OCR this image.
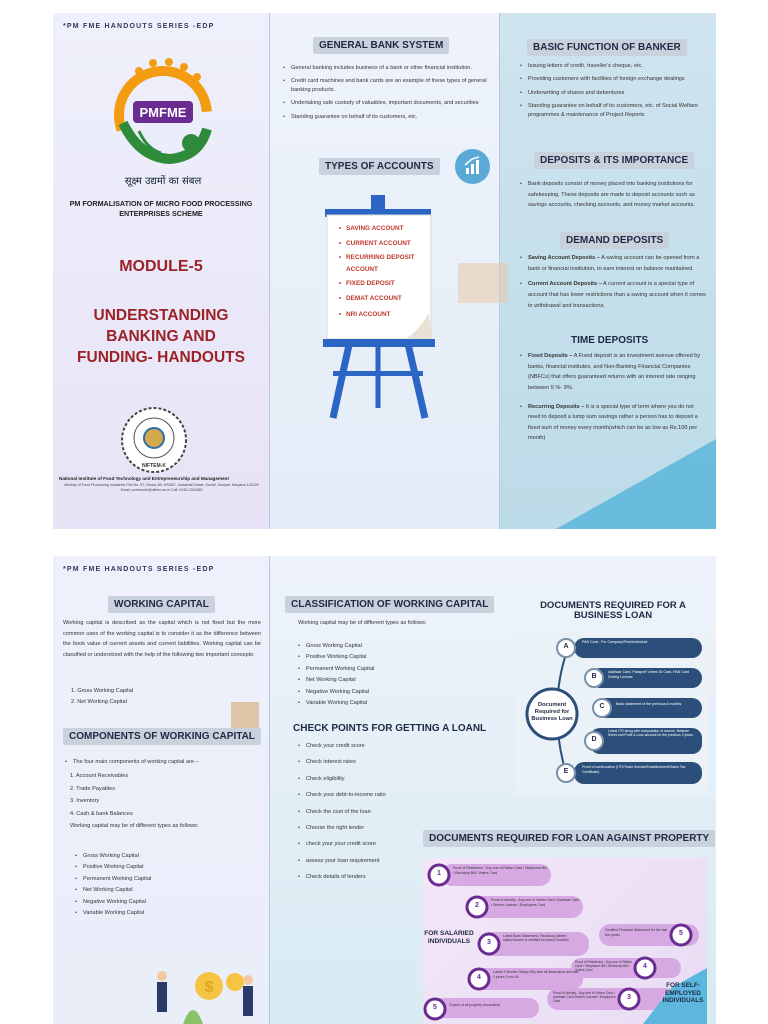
*PM FME HANDOUTS SERIES -EDP
PMFME
सूक्ष्म उद्यमों का संबल
PM FORMALISATION OF MICRO FOOD PROCESSING ENTERPRISES SCHEME
MODULE-5
UNDERSTANDING
BANKING AND
FUNDING- HANDOUTS
NIFTEM-K
National Institute of Food Technology and Entrepreneurship and Management
Ministry of Food Processing Industries Plot No. 97, Sector-56, HSIIDC, Industrial Estate, Kundli, Sonipat, Haryana-131028
Email: pmfmecell@niftem.ac.in Call: 0130-2281089
GENERAL BANK SYSTEM
• General banking includes business of a bank or other financial institution.
• Credit card machines and bank cards are an example of these types of general banking products.
• Undertaking safe custody of valuables, important documents, and securities
• Standing guarantee on behalf of its customers, etc.
TYPES OF ACCOUNTS
• SAVING ACCOUNT
• CURRENT ACCOUNT
• RECURRING DEPOSIT ACCOUNT
• FIXED DEPOSIT
• DEMAT ACCOUNT
• NRI ACCOUNT
BASIC FUNCTION OF BANKER
• Issuing letters of credit, traveller's cheque, etc.
• Providing customers with facilities of foreign exchange dealings
• Underwriting of shares and debentures
• Standing guarantee on behalf of its customers, etc. of Social Welfare programmes & maintenance of Project Reports
DEPOSITS & ITS IMPORTANCE
• Bank deposits consist of money placed into banking institutions for safekeeping. These deposits are made to deposit accounts such as savings accounts, checking accounts, and money market accounts.
DEMAND DEPOSITS
• Saving Account Deposits – A saving account can be opened from a bank or financial institution, to earn interest on balance maintained.
• Current Account Deposits – A current account is a special type of account that has lower restrictions than a saving account when it comes to withdrawal and transactions.
TIME DEPOSITS
• Fixed Deposits – A Fixed deposit is an investment avenue offered by banks, financial institutes, and Non-Banking Financial Companies (NBFCs) that offers guaranteed returns with an interest rate ranging between 5 %- 9%.
• Recurring Deposits – It is a special type of term where you do not need to deposit a lump sum savings rather a person has to deposit a fixed sum of money every month(which can be as low as Rs.100 per month)
*PM FME HANDOUTS SERIES -EDP
WORKING CAPITAL
Working capital is described as the capital which is not fixed but the more common uses of the working capital is to consider it as the difference between the book value of current assets and current liabilities. Working capital can be classified or understood with the help of the following two important concepts:
1. Gross Working Capital
2. Net Working Capital
COMPONENTS OF WORKING CAPITAL
• The four main components of working capital are –
1. Account Receivables
2. Trade Payables
3. Inventory
4. Cash & bank Balances
Working capital may be of different types as follows:
• Gross Working Capital
• Positive Working Capital
• Permanent Working Capital
• Net Working Capital
• Negative Working Capital
• Variable Working Capital
$
CLASSIFICATION OF WORKING CAPITAL
Working capital may be of different types as follows:
• Gross Working Capital
• Positive Working Capital
• Permanent Working Capital
• Net Working Capital
• Negative Working Capital
• Variable Working Capital
CHECK POINTS FOR GETTING A LOANL
• Check your credit score
• Check interest rates
• Check eligibility
• Check your debt-to-income ratio
• Check the cost of the loan
• Choose the right lender
• check your your credit score
• assess your loan requirement
• Check details of lenders
DOCUMENTS REQUIRED FOR A BUSINESS LOAN
Document Required for Business Loan
A
B
C
D
E
PAN Card - For Company/Firm/Individual
Aadhaar Card, Passport Voters ID Card, PAN Card Driving License
Bank statement of the previous 6 months
Latest ITR along with computation of income, Balance Sheet and Profit & Loss account for the previous 2 years.
Proof of continuation (ITR/Trade license/Establishment/Sales Tax Certificate)
DOCUMENTS REQUIRED FOR LOAN AGAINST PROPERTY
FOR SALARIED INDIVIDUALS
FOR SELF-EMPLOYED INDIVIDUALS
1
2
3
4
5
Proof of Residence - Any one of Ration Card / Telephone Bill / Electricity Bill / Voters Card
Proof of Identity - Any one of Voters Card / Aadhaar Card / Drivers License / Employers Card
Latest Bank Statement / Passbook (where salary/income is credited for past 6 months)
Latest 3 Months Salary Slip with all deductions and last 2 years Form 16
Copies of all property documents
5
4
3
Certified Financial Statement for the last two years
Proof of Residence - Any one of Ration Card / Telephone Bill / Electricity Bill / Voters Card
Proof of Identity - Any one of Voters Card / Aadhaar Card Drivers License / Employers Card
